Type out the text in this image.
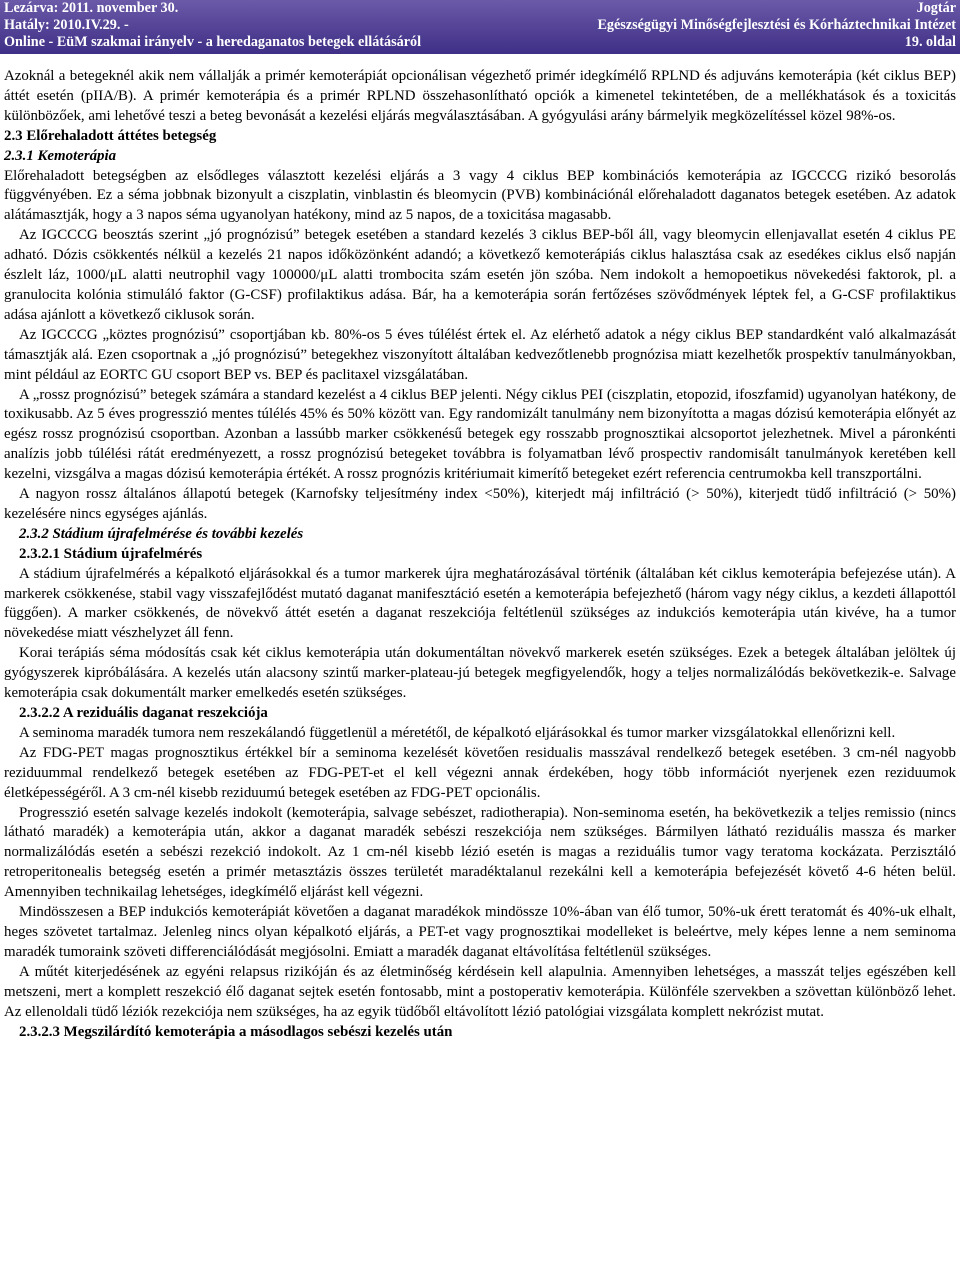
Lezárva: 2011. november 30.	Jogtár
Hatály: 2010.IV.29. -	Egészségügyi Minőségfejlesztési és Kórháztechnikai Intézet
Online - EüM szakmai irányelv - a heredaganatos betegek ellátásáról	19. oldal

Azoknál a betegeknél akik nem vállalják a primér kemoterápiát opcionálisan végezhető primér idegkímélő RPLND és adjuváns kemoterápia (két ciklus BEP) áttét esetén (pIIA/B). A primér kemoterápia és a primér RPLND összehasonlítható opciók a kimenetel tekintetében, de a mellékhatások és a toxicitás különbözőek, ami lehetővé teszi a beteg bevonását a kezelési eljárás megválasztásában. A gyógyulási arány bármelyik megközelítéssel közel 98%-os.

2.3 Előrehaladott áttétes betegség

2.3.1 Kemoterápia

Előrehaladott betegségben az elsődleges választott kezelési eljárás a 3 vagy 4 ciklus BEP kombinációs kemoterápia az IGCCCG rizikó besorolás függvényében. Ez a séma jobbnak bizonyult a ciszplatin, vinblastin és bleomycin (PVB) kombinációnál előrehaladott daganatos betegek esetében. Az adatok alátámasztják, hogy a 3 napos séma ugyanolyan hatékony, mind az 5 napos, de a toxicitása magasabb.

Az IGCCCG beosztás szerint „jó prognózisú” betegek esetében a standard kezelés 3 ciklus BEP-ből áll, vagy bleomycin ellenjavallat esetén 4 ciklus PE adható. Dózis csökkentés nélkül a kezelés 21 napos időközönként adandó; a következő kemoterápiás ciklus halasztása csak az esedékes ciklus első napján észlelt láz, 1000/μL alatti neutrophil vagy 100000/μL alatti trombocita szám esetén jön szóba. Nem indokolt a hemopoetikus növekedési faktorok, pl. a granulocita kolónia stimuláló faktor (G-CSF) profilaktikus adása. Bár, ha a kemoterápia során fertőzéses szövődmények léptek fel, a G-CSF profilaktikus adása ajánlott a következő ciklusok során.

Az IGCCCG „köztes prognózisú” csoportjában kb. 80%-os 5 éves túlélést értek el. Az elérhető adatok a négy ciklus BEP standardként való alkalmazását támasztják alá. Ezen csoportnak a „jó prognózisú” betegekhez viszonyított általában kedvezőtlenebb prognózisa miatt kezelhetők prospektív tanulmányokban, mint például az EORTC GU csoport BEP vs. BEP és paclitaxel vizsgálatában.

A „rossz prognózisú” betegek számára a standard kezelést a 4 ciklus BEP jelenti. Négy ciklus PEI (ciszplatin, etopozid, ifoszfamid) ugyanolyan hatékony, de toxikusabb. Az 5 éves progresszió mentes túlélés 45% és 50% között van. Egy randomizált tanulmány nem bizonyította a magas dózisú kemoterápia előnyét az egész rossz prognózisú csoportban. Azonban a lassúbb marker csökkenésű betegek egy rosszabb prognosztikai alcsoportot jelezhetnek. Mivel a páronkénti analízis jobb túlélési rátát eredményezett, a rossz prognózisú betegeket továbbra is folyamatban lévő prospectiv randomisált tanulmányok keretében kell kezelni, vizsgálva a magas dózisú kemoterápia értékét. A rossz prognózis kritériumait kimerítő betegeket ezért referencia centrumokba kell transzportálni.

A nagyon rossz általános állapotú betegek (Karnofsky teljesítmény index <50%), kiterjedt máj infiltráció (> 50%), kiterjedt tüdő infiltráció (> 50%) kezelésére nincs egységes ajánlás.

2.3.2 Stádium újrafelmérése és további kezelés

2.3.2.1 Stádium újrafelmérés

A stádium újrafelmérés a képalkotó eljárásokkal és a tumor markerek újra meghatározásával történik (általában két ciklus kemoterápia befejezése után). A markerek csökkenése, stabil vagy visszafejlődést mutató daganat manifesztáció esetén a kemoterápia befejezhető (három vagy négy ciklus, a kezdeti állapottól függően). A marker csökkenés, de növekvő áttét esetén a daganat reszekciója feltétlenül szükséges az indukciós kemoterápia után kivéve, ha a tumor növekedése miatt vészhelyzet áll fenn.

Korai terápiás séma módosítás csak két ciklus kemoterápia után dokumentáltan növekvő markerek esetén szükséges. Ezek a betegek általában jelöltek új gyógyszerek kipróbálására. A kezelés után alacsony szintű marker-plateau-jú betegek megfigyelendők, hogy a teljes normalizálódás bekövetkezik-e. Salvage kemoterápia csak dokumentált marker emelkedés esetén szükséges.

2.3.2.2 A reziduális daganat reszekciója

A seminoma maradék tumora nem reszekálandó függetlenül a méretétől, de képalkotó eljárásokkal és tumor marker vizsgálatokkal ellenőrizni kell.

Az FDG-PET magas prognosztikus értékkel bír a seminoma kezelését követően residualis masszával rendelkező betegek esetében. 3 cm-nél nagyobb reziduummal rendelkező betegek esetében az FDG-PET-et el kell végezni annak érdekében, hogy több információt nyerjenek ezen reziduumok életképességéről. A 3 cm-nél kisebb reziduumú betegek esetében az FDG-PET opcionális.

Progresszió esetén salvage kezelés indokolt (kemoterápia, salvage sebészet, radiotherapia). Non-seminoma esetén, ha bekövetkezik a teljes remissio (nincs látható maradék) a kemoterápia után, akkor a daganat maradék sebészi reszekciója nem szükséges. Bármilyen látható reziduális massza és marker normalizálódás esetén a sebészi rezekció indokolt. Az 1 cm-nél kisebb lézió esetén is magas a reziduális tumor vagy teratoma kockázata. Perzisztáló retroperitonealis betegség esetén a primér metasztázis összes területét maradéktalanul rezekálni kell a kemoterápia befejezését követő 4-6 héten belül. Amennyiben technikailag lehetséges, idegkímélő eljárást kell végezni.

Mindösszesen a BEP indukciós kemoterápiát követően a daganat maradékok mindössze 10%-ában van élő tumor, 50%-uk érett teratomát és 40%-uk elhalt, heges szövetet tartalmaz. Jelenleg nincs olyan képalkotó eljárás, a PET-et vagy prognosztikai modelleket is beleértve, mely képes lenne a nem seminoma maradék tumoraink szöveti differenciálódását megjósolni. Emiatt a maradék daganat eltávolítása feltétlenül szükséges.

A műtét kiterjedésének az egyéni relapsus rizikóján és az életminőség kérdésein kell alapulnia. Amennyiben lehetséges, a masszát teljes egészében kell metszeni, mert a komplett reszekció élő daganat sejtek esetén fontosabb, mint a postoperativ kemoterápia. Különféle szervekben a szövettan különböző lehet. Az ellenoldali tüdő léziók rezekciója nem szükséges, ha az egyik tüdőből eltávolított lézió patológiai vizsgálata komplett nekrózist mutat.

2.3.2.3 Megszilárdító kemoterápia a másodlagos sebészi kezelés után
